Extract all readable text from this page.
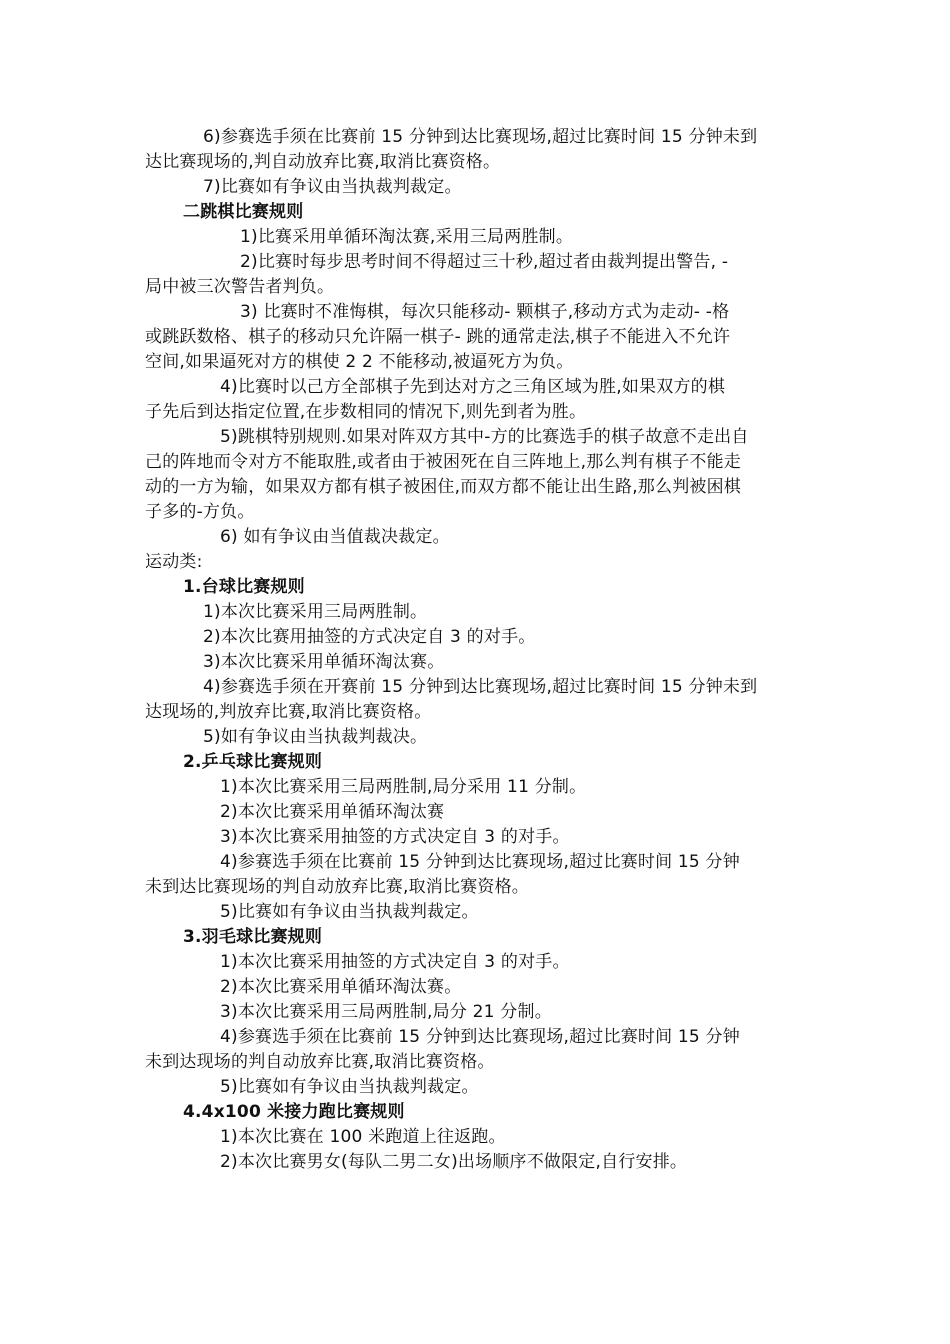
6)参赛选手须在比赛前 15 分钟到达比赛现场,超过比赛时间 15 分钟未到
达比赛现场的,判自动放弃比赛,取消比赛资格。
7)比赛如有争议由当执裁判裁定。
二跳棋比赛规则
1)比赛采用单循环淘汰赛,采用三局两胜制。
2)比赛时每步思考时间不得超过三十秒,超过者由裁判提出警告, -
局中被三次警告者判负。
3) 比赛时不准悔棋，每次只能移动- 颗棋子,移动方式为走动- -格
或跳跃数格、棋子的移动只允许隔一棋子- 跳的通常走法,棋子不能进入不允许
空间,如果逼死对方的棋使 2 2 不能移动,被逼死方为负。
4)比赛时以己方全部棋子先到达对方之三角区域为胜,如果双方的棋
子先后到达指定位置,在步数相同的情况下,则先到者为胜。
5)跳棋特别规则.如果对阵双方其中-方的比赛选手的棋子故意不走出自
己的阵地而令对方不能取胜,或者由于被困死在自三阵地上,那么判有棋子不能走
动的一方为输，如果双方都有棋子被困住,而双方都不能让出生路,那么判被困棋
子多的-方负。
6) 如有争议由当值裁决裁定。
运动类:
1.台球比赛规则
1)本次比赛采用三局两胜制。
2)本次比赛用抽签的方式决定自 3 的对手。
3)本次比赛采用单循环淘汰赛。
4)参赛选手须在开赛前 15 分钟到达比赛现场,超过比赛时间 15 分钟未到
达现场的,判放弃比赛,取消比赛资格。
5)如有争议由当执裁判裁决。
2.乒乓球比赛规则
1)本次比赛采用三局两胜制,局分采用 11 分制。
2)本次比赛采用单循环淘汰赛
3)本次比赛采用抽签的方式决定自 3 的对手。
4)参赛选手须在比赛前 15 分钟到达比赛现场,超过比赛时间 15 分钟
未到达比赛现场的判自动放弃比赛,取消比赛资格。
5)比赛如有争议由当执裁判裁定。
3.羽毛球比赛规则
1)本次比赛采用抽签的方式决定自 3 的对手。
2)本次比赛采用单循环淘汰赛。
3)本次比赛采用三局两胜制,局分 21 分制。
4)参赛选手须在比赛前 15 分钟到达比赛现场,超过比赛时间 15 分钟
未到达现场的判自动放弃比赛,取消比赛资格。
5)比赛如有争议由当执裁判裁定。
4.4x100 米接力跑比赛规则
1)本次比赛在 100 米跑道上往返跑。
2)本次比赛男女(每队二男二女)出场顺序不做限定,自行安排。
